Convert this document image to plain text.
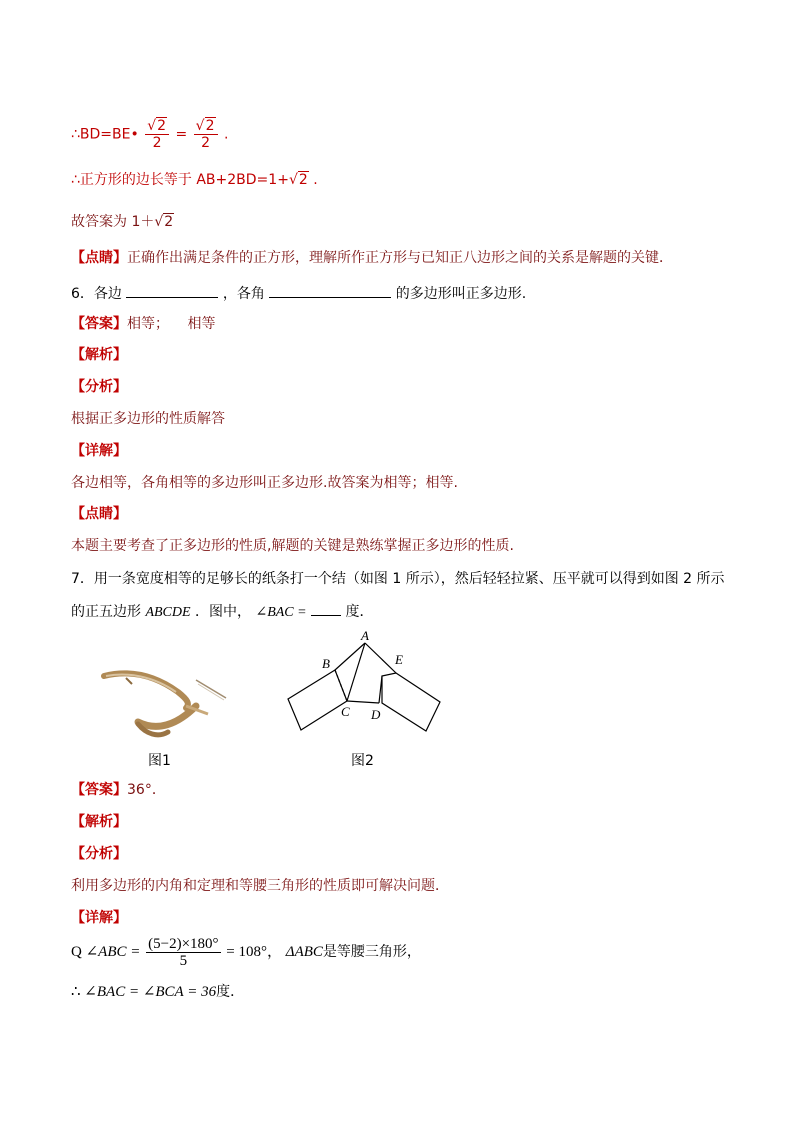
∴BD=BE• $\frac{√2}{2} = \frac{√2}{2}$ .
∴正方形的边长等于 AB+2BD=1+√2 .
故答案为 1＋√2
【点睛】正确作出满足条件的正方形，理解所作正方形与已知正八边形之间的关系是解题的关键．
6．各边	，各角	的多边形叫正多边形.
【答案】相等； 相等
【解析】
【分析】
根据正多边形的性质解答
【详解】
各边相等，各角相等的多边形叫正多边形.故答案为相等；相等.
【点睛】
本题主要考查了正多边形的性质,解题的关键是熟练掌握正多边形的性质.
7．用一条宽度相等的足够长的纸条打一个结（如图 1 所示），然后轻轻拉紧、压平就可以得到如图 2 所示
的正五边形 ABCDE ．图中， ∠BAC =	度．
图1
A
B
C D
E
图2
【答案】36°．
【解析】
【分析】
利用多边形的内角和定理和等腰三角形的性质即可解决问题．
【详解】
Q ∠ABC = $\frac{(5-2)\times 180^\circ}{5} = 108^\circ$， ΔABC是等腰三角形，
∴ ∠BAC = ∠BCA = 36度．
